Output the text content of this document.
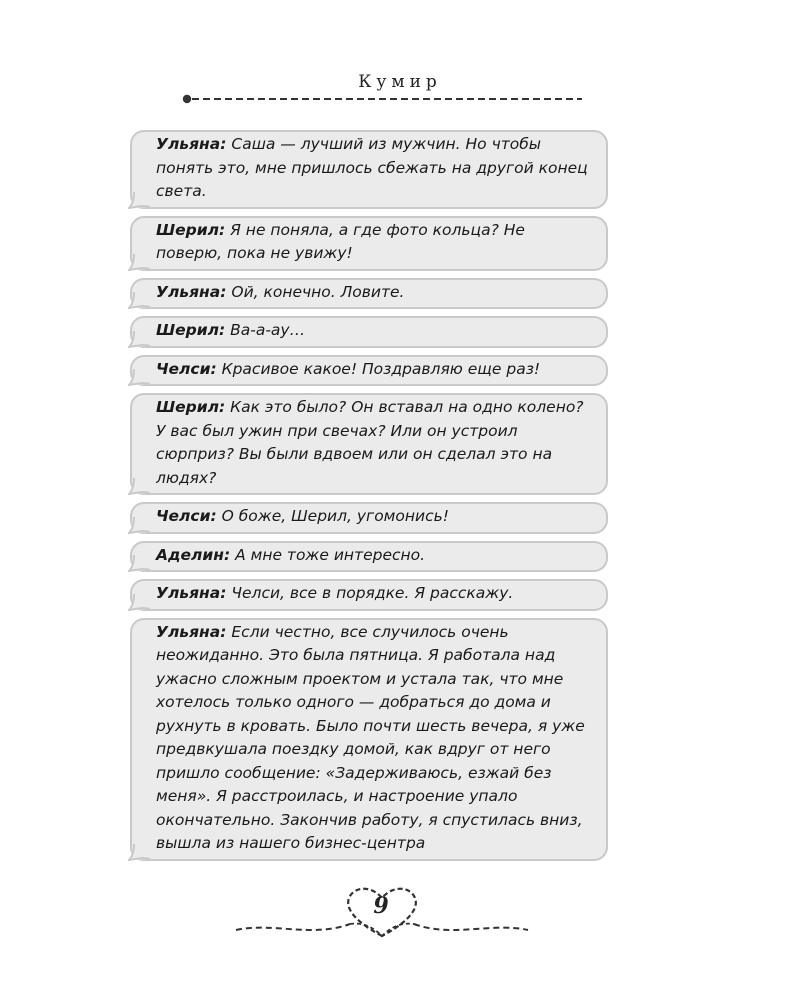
Кумир
Ульяна: Саша — лучший из мужчин. Но чтобы понять это, мне пришлось сбежать на другой конец света.
Шерил: Я не поняла, а где фото кольца? Не поверю, пока не увижу!
Ульяна: Ой, конечно. Ловите.
Шерил: Ва-а-ау…
Челси: Красивое какое! Поздравляю еще раз!
Шерил: Как это было? Он вставал на одно колено? У вас был ужин при свечах? Или он устроил сюрприз? Вы были вдвоем или он сделал это на людях?
Челси: О боже, Шерил, угомонись!
Аделин: А мне тоже интересно.
Ульяна: Челси, все в порядке. Я расскажу.
Ульяна: Если честно, все случилось очень неожиданно. Это была пятница. Я работала над ужасно сложным проектом и устала так, что мне хотелось только одного — добраться до дома и рухнуть в кровать. Было почти шесть вечера, я уже предвкушала поездку домой, как вдруг от него пришло сообщение: «Задерживаюсь, езжай без меня». Я расстроилась, и настроение упало окончательно. Закончив работу, я спустилась вниз, вышла из нашего бизнес-центра
9
